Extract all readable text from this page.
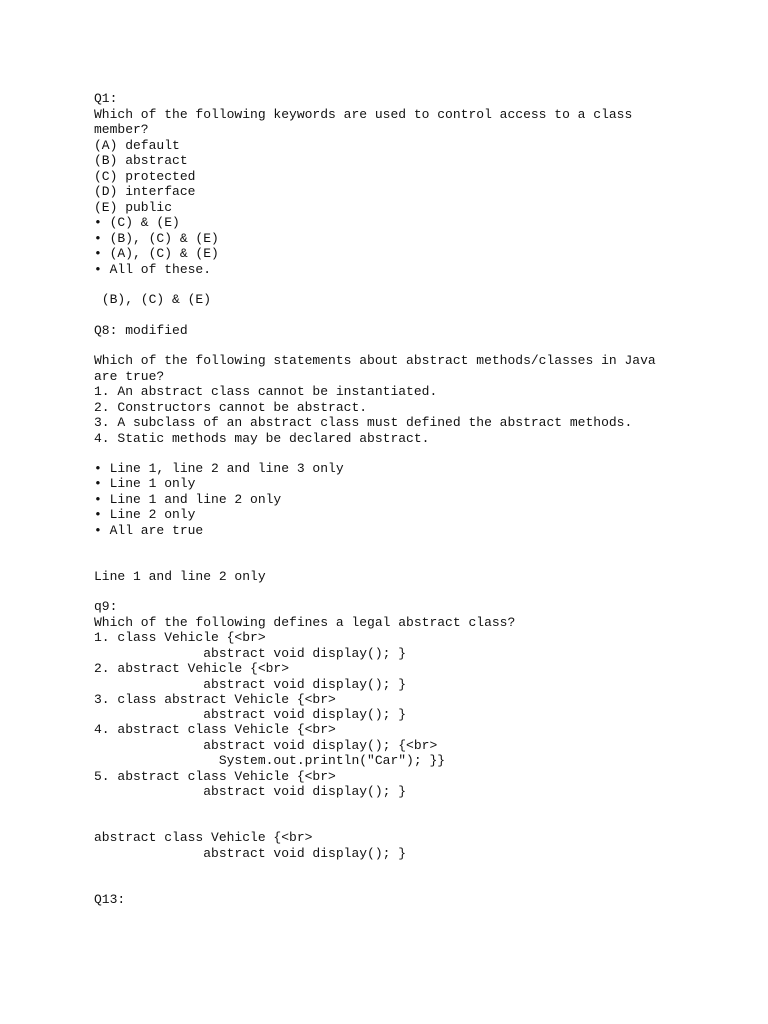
Q1:

Which of the following keywords are used to control access to a class

member?

(A) default

(B) abstract

(C) protected

(D) interface

(E) public

• (C) & (E)

• (B), (C) & (E)

• (A), (C) & (E)

• All of these.

(B), (C) & (E)

Q8: modified

Which of the following statements about abstract methods/classes in Java

are true?

1. An abstract class cannot be instantiated.

2. Constructors cannot be abstract.

3. A subclass of an abstract class must defined the abstract methods.

4. Static methods may be declared abstract.

• Line 1, line 2 and line 3 only

• Line 1 only

• Line 1 and line 2 only

• Line 2 only

• All are true

Line 1 and line 2 only

q9:

Which of the following defines a legal abstract class?

1. class Vehicle {<br>

abstract void display(); }

2. abstract Vehicle {<br>

abstract void display(); }

3. class abstract Vehicle {<br>

abstract void display(); }

4. abstract class Vehicle {<br>

abstract void display(); {<br>

System.out.println("Car"); }}

5. abstract class Vehicle {<br>

abstract void display(); }

abstract class Vehicle {<br>

abstract void display(); }

Q13:
